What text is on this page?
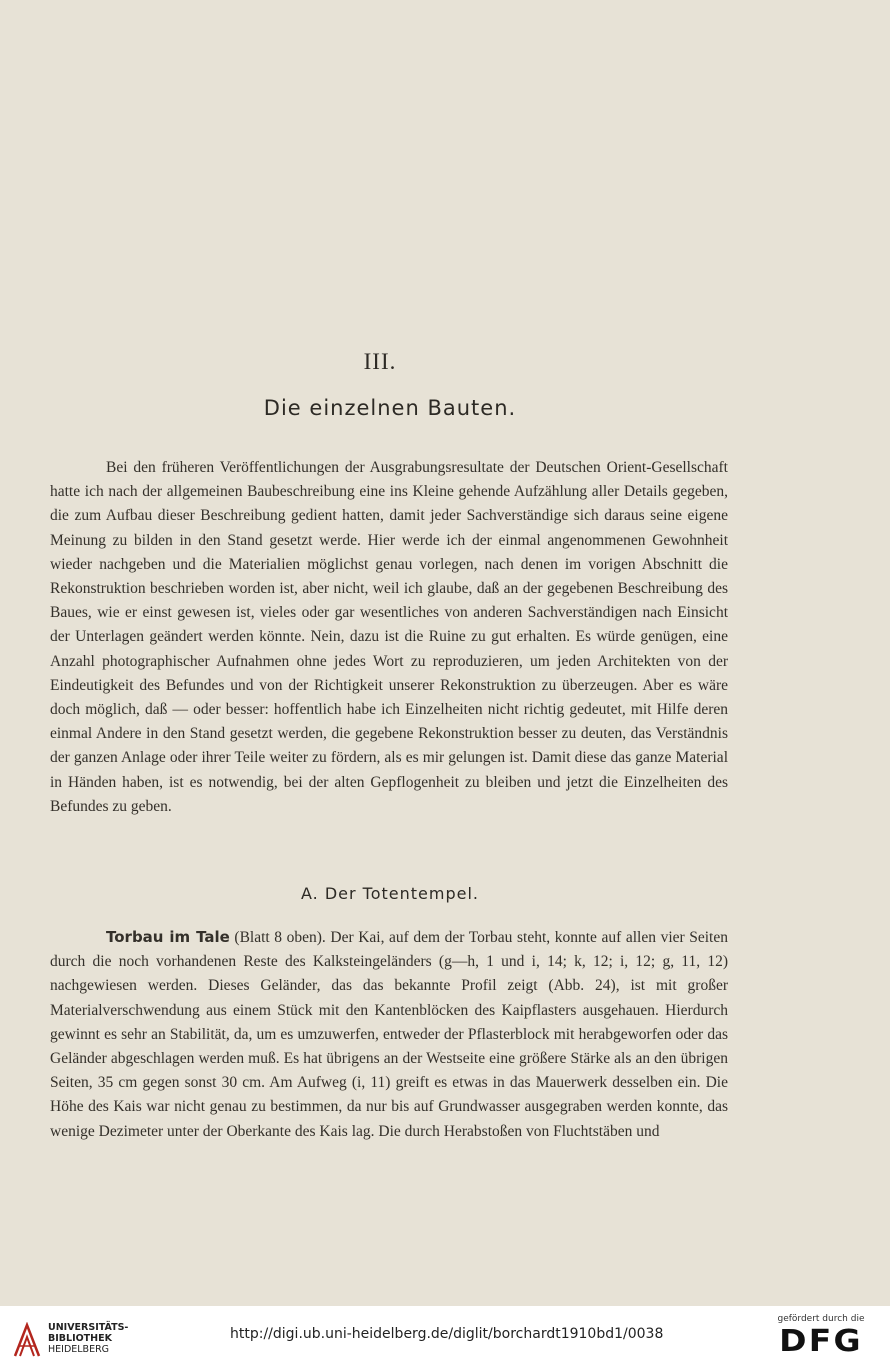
III.
Die einzelnen Bauten.

Bei den früheren Veröffentlichungen der Ausgrabungsresultate der Deutschen Orient-Gesellschaft hatte ich nach der allgemeinen Baubeschreibung eine ins Kleine gehende Aufzählung aller Details gegeben, die zum Aufbau dieser Beschreibung gedient hatten, damit jeder Sachverständige sich daraus seine eigene Meinung zu bilden in den Stand gesetzt werde. Hier werde ich der einmal angenommenen Gewohnheit wieder nachgeben und die Materialien möglichst genau vorlegen, nach denen im vorigen Abschnitt die Rekonstruktion beschrieben worden ist, aber nicht, weil ich glaube, daß an der gegebenen Beschreibung des Baues, wie er einst gewesen ist, vieles oder gar wesentliches von anderen Sachverständigen nach Einsicht der Unterlagen geändert werden könnte. Nein, dazu ist die Ruine zu gut erhalten. Es würde genügen, eine Anzahl photographischer Aufnahmen ohne jedes Wort zu reproduzieren, um jeden Architekten von der Eindeutigkeit des Befundes und von der Richtigkeit unserer Rekonstruktion zu überzeugen. Aber es wäre doch möglich, daß — oder besser: hoffentlich habe ich Einzelheiten nicht richtig gedeutet, mit Hilfe deren einmal Andere in den Stand gesetzt werden, die gegebene Rekonstruktion besser zu deuten, das Verständnis der ganzen Anlage oder ihrer Teile weiter zu fördern, als es mir gelungen ist. Damit diese das ganze Material in Händen haben, ist es notwendig, bei der alten Gepflogenheit zu bleiben und jetzt die Einzelheiten des Befundes zu geben.

A. Der Totentempel.

Torbau im Tale (Blatt 8 oben). Der Kai, auf dem der Torbau steht, konnte auf allen vier Seiten durch die noch vorhandenen Reste des Kalksteingeländers (g—h, 1 und i, 14; k, 12; i, 12; g, 11, 12) nachgewiesen werden. Dieses Geländer, das das bekannte Profil zeigt (Abb. 24), ist mit großer Materialverschwendung aus einem Stück mit den Kantenblöcken des Kaipflasters ausgehauen. Hierdurch gewinnt es sehr an Stabilität, da, um es umzuwerfen, entweder der Pflasterblock mit herabgeworfen oder das Geländer abgeschlagen werden muß. Es hat übrigens an der Westseite eine größere Stärke als an den übrigen Seiten, 35 cm gegen sonst 30 cm. Am Aufweg (i, 11) greift es etwas in das Mauerwerk desselben ein. Die Höhe des Kais war nicht genau zu bestimmen, da nur bis auf Grundwasser ausgegraben werden konnte, das wenige Dezimeter unter der Oberkante des Kais lag. Die durch Herabstoßen von Fluchtstäben und

UNIVERSITÄTS-
BIBLIOTHEK
HEIDELBERG
http://digi.ub.uni-heidelberg.de/diglit/borchardt1910bd1/0038
gefördert durch die
DFG
